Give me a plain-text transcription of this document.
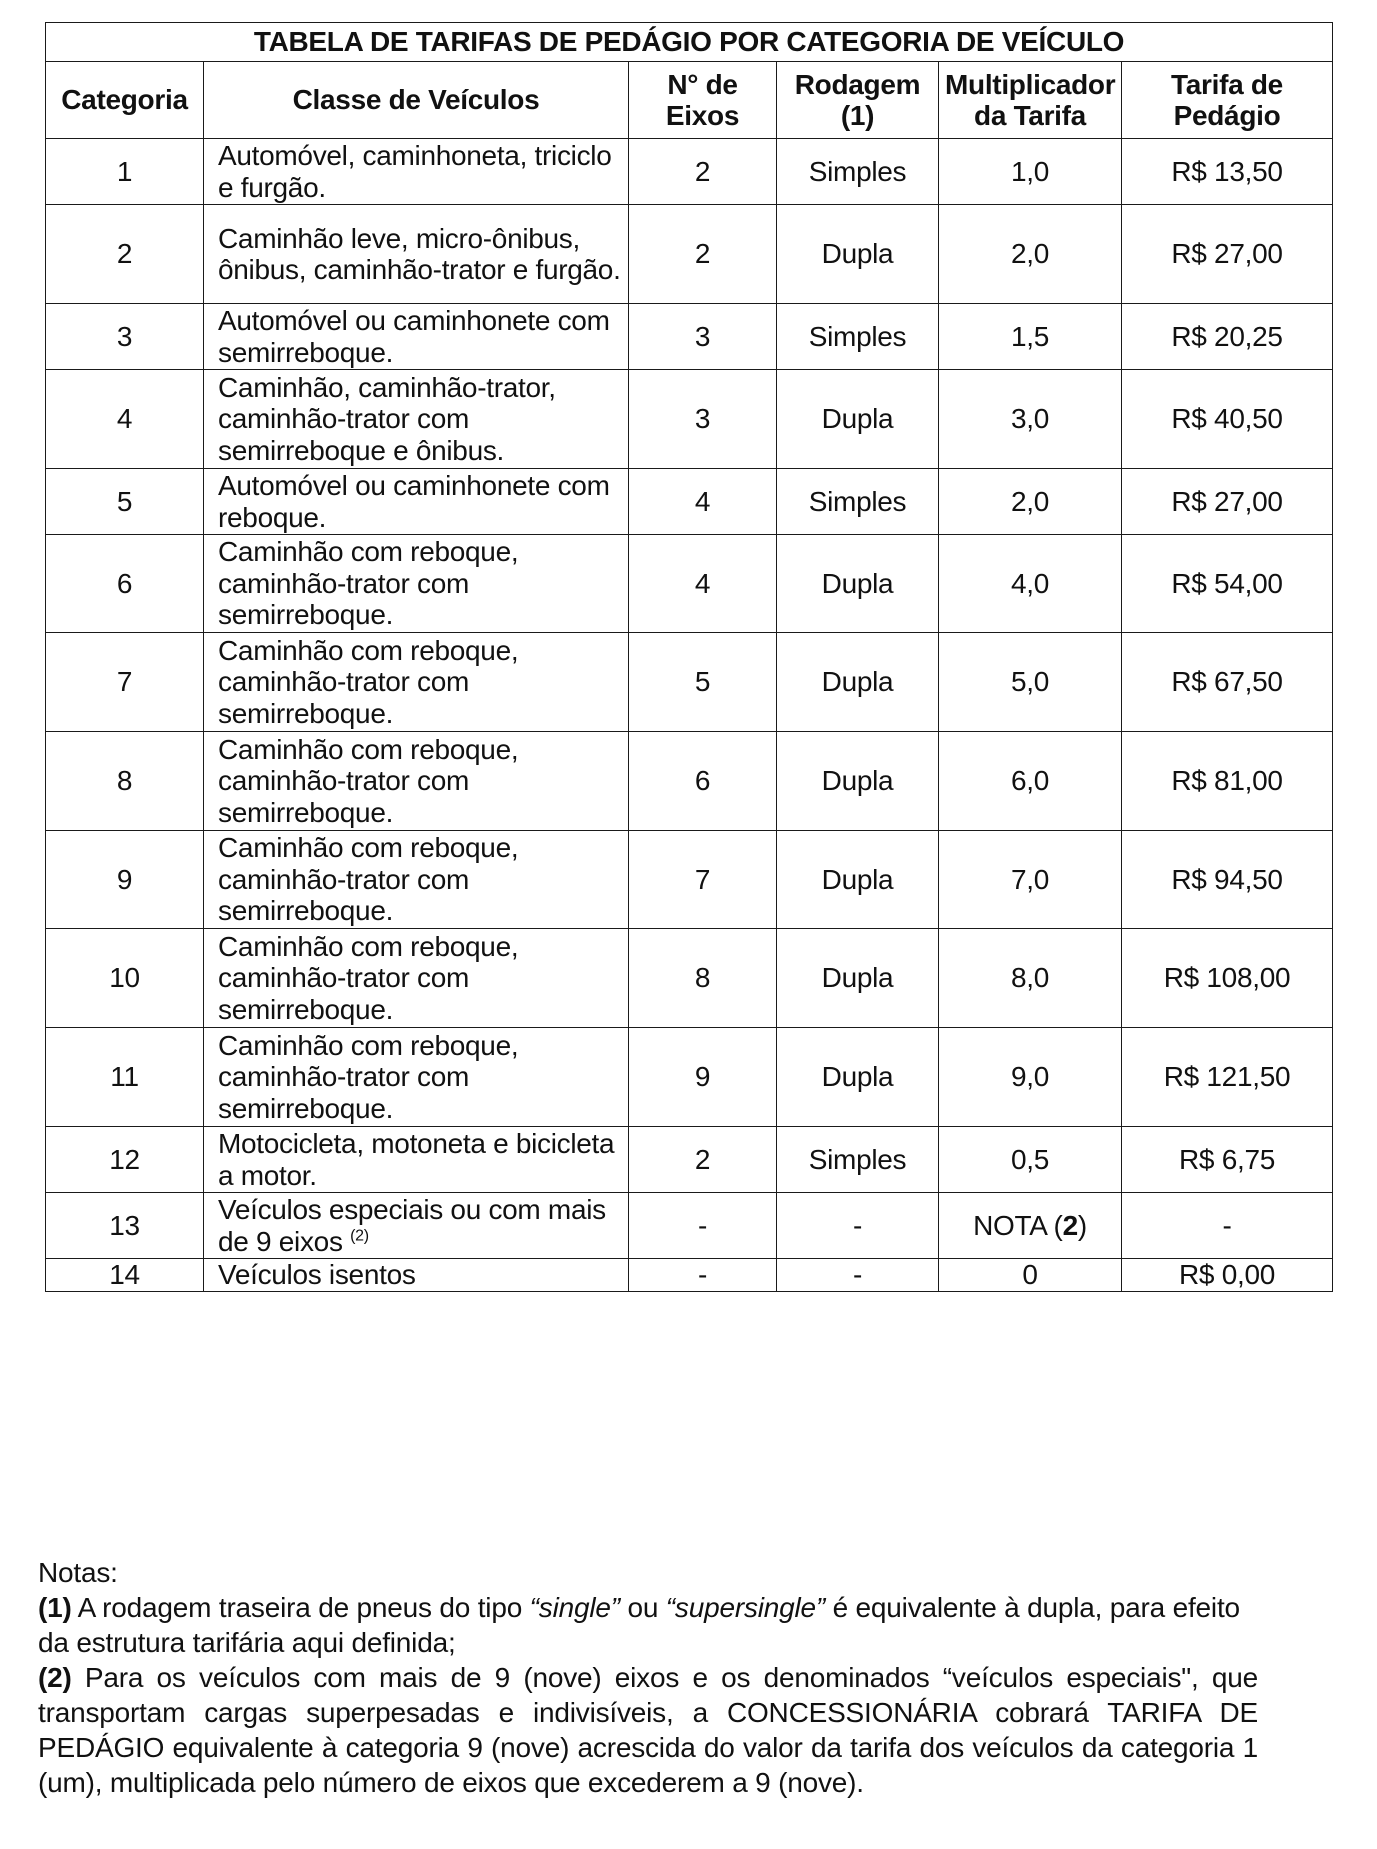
TABELA DE TARIFAS DE PEDÁGIO POR CATEGORIA DE VEÍCULO					
Categoria	Classe de Veículos	N° de Eixos	Rodagem (1)	Multiplicador da Tarifa	Tarifa de Pedágio
1	Automóvel, caminhoneta, triciclo e furgão.	2	Simples	1,0	R$ 13,50
2	Caminhão leve, micro-ônibus, ônibus, caminhão-trator e furgão.	2	Dupla	2,0	R$ 27,00
3	Automóvel ou caminhonete com semirreboque.	3	Simples	1,5	R$ 20,25
4	Caminhão, caminhão-trator, caminhão-trator com semirreboque e ônibus.	3	Dupla	3,0	R$ 40,50
5	Automóvel ou caminhonete com reboque.	4	Simples	2,0	R$ 27,00
6	Caminhão com reboque, caminhão-trator com semirreboque.	4	Dupla	4,0	R$ 54,00
7	Caminhão com reboque, caminhão-trator com semirreboque.	5	Dupla	5,0	R$ 67,50
8	Caminhão com reboque, caminhão-trator com semirreboque.	6	Dupla	6,0	R$ 81,00
9	Caminhão com reboque, caminhão-trator com semirreboque.	7	Dupla	7,0	R$ 94,50
10	Caminhão com reboque, caminhão-trator com semirreboque.	8	Dupla	8,0	R$ 108,00
11	Caminhão com reboque, caminhão-trator com semirreboque.	9	Dupla	9,0	R$ 121,50
12	Motocicleta, motoneta e bicicleta a motor.	2	Simples	0,5	R$ 6,75
13	Veículos especiais ou com mais de 9 eixos $^{(2)}$	-	-	NOTA (2)	-
14	Veículos isentos	-	-	0	R$ 0,00

Notas:

(1) A rodagem traseira de pneus do tipo “single” ou “supersingle” é equivalente à dupla, para efeito da estrutura tarifária aqui definida;

(2) Para os veículos com mais de 9 (nove) eixos e os denominados “veículos especiais", que transportam cargas superpesadas e indivisíveis, a CONCESSIONÁRIA cobrará TARIFA DE PEDÁGIO equivalente à categoria 9 (nove) acrescida do valor da tarifa dos veículos da categoria 1 (um), multiplicada pelo número de eixos que excederem a 9 (nove).
